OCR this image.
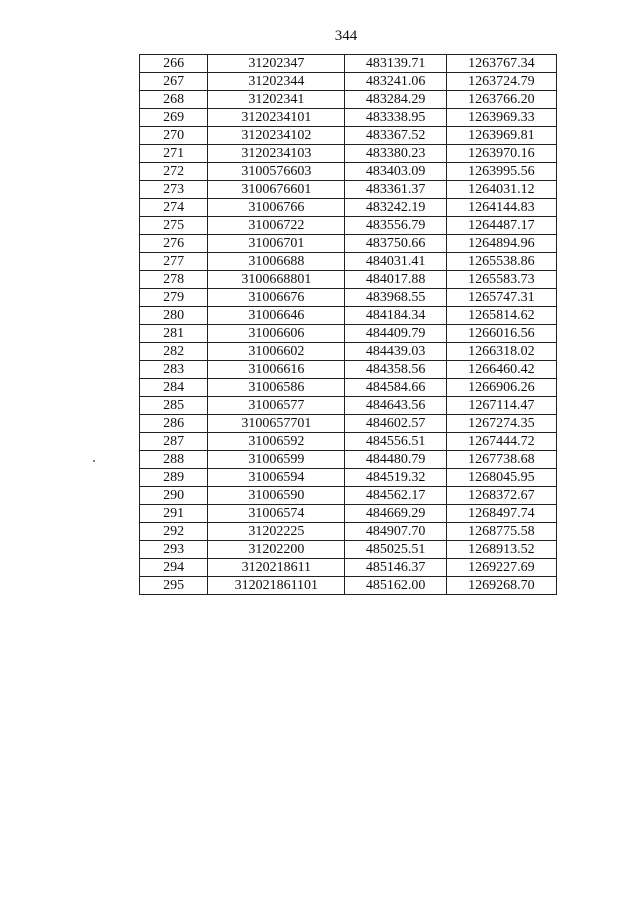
344
266	31202347	483139.71	1263767.34
267	31202344	483241.06	1263724.79
268	31202341	483284.29	1263766.20
269	3120234101	483338.95	1263969.33
270	3120234102	483367.52	1263969.81
271	3120234103	483380.23	1263970.16
272	3100576603	483403.09	1263995.56
273	3100676601	483361.37	1264031.12
274	31006766	483242.19	1264144.83
275	31006722	483556.79	1264487.17
276	31006701	483750.66	1264894.96
277	31006688	484031.41	1265538.86
278	3100668801	484017.88	1265583.73
279	31006676	483968.55	1265747.31
280	31006646	484184.34	1265814.62
281	31006606	484409.79	1266016.56
282	31006602	484439.03	1266318.02
283	31006616	484358.56	1266460.42
284	31006586	484584.66	1266906.26
285	31006577	484643.56	1267114.47
286	3100657701	484602.57	1267274.35
287	31006592	484556.51	1267444.72
288	31006599	484480.79	1267738.68
289	31006594	484519.32	1268045.95
290	31006590	484562.17	1268372.67
291	31006574	484669.29	1268497.74
292	31202225	484907.70	1268775.58
293	31202200	485025.51	1268913.52
294	3120218611	485146.37	1269227.69
295	312021861101	485162.00	1269268.70
